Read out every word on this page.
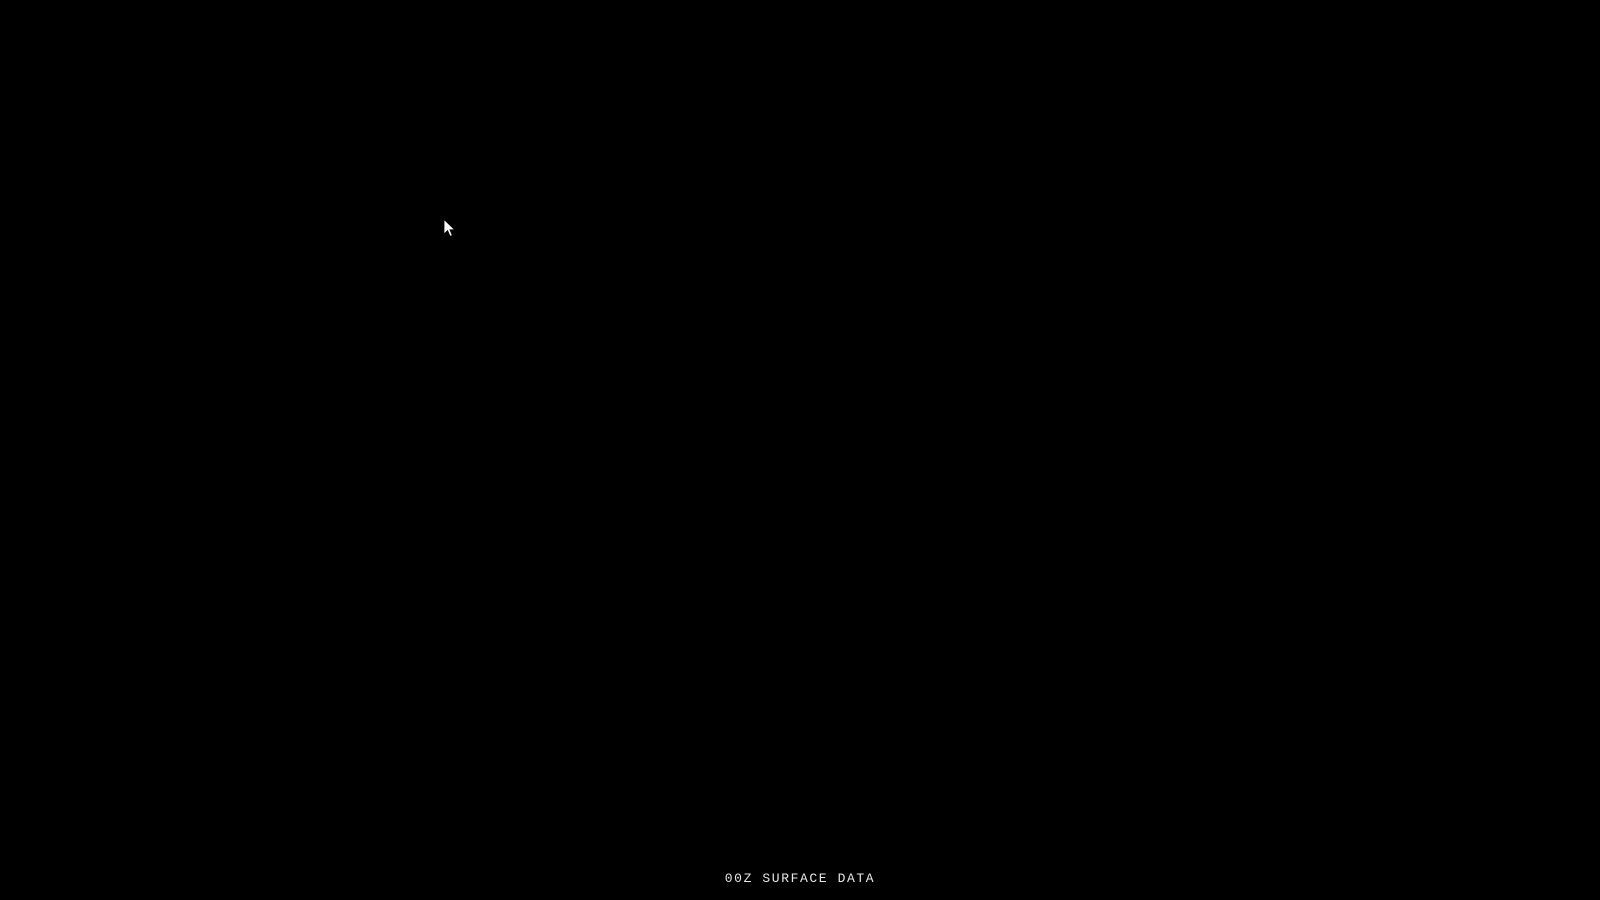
00Z SURFACE DATA
